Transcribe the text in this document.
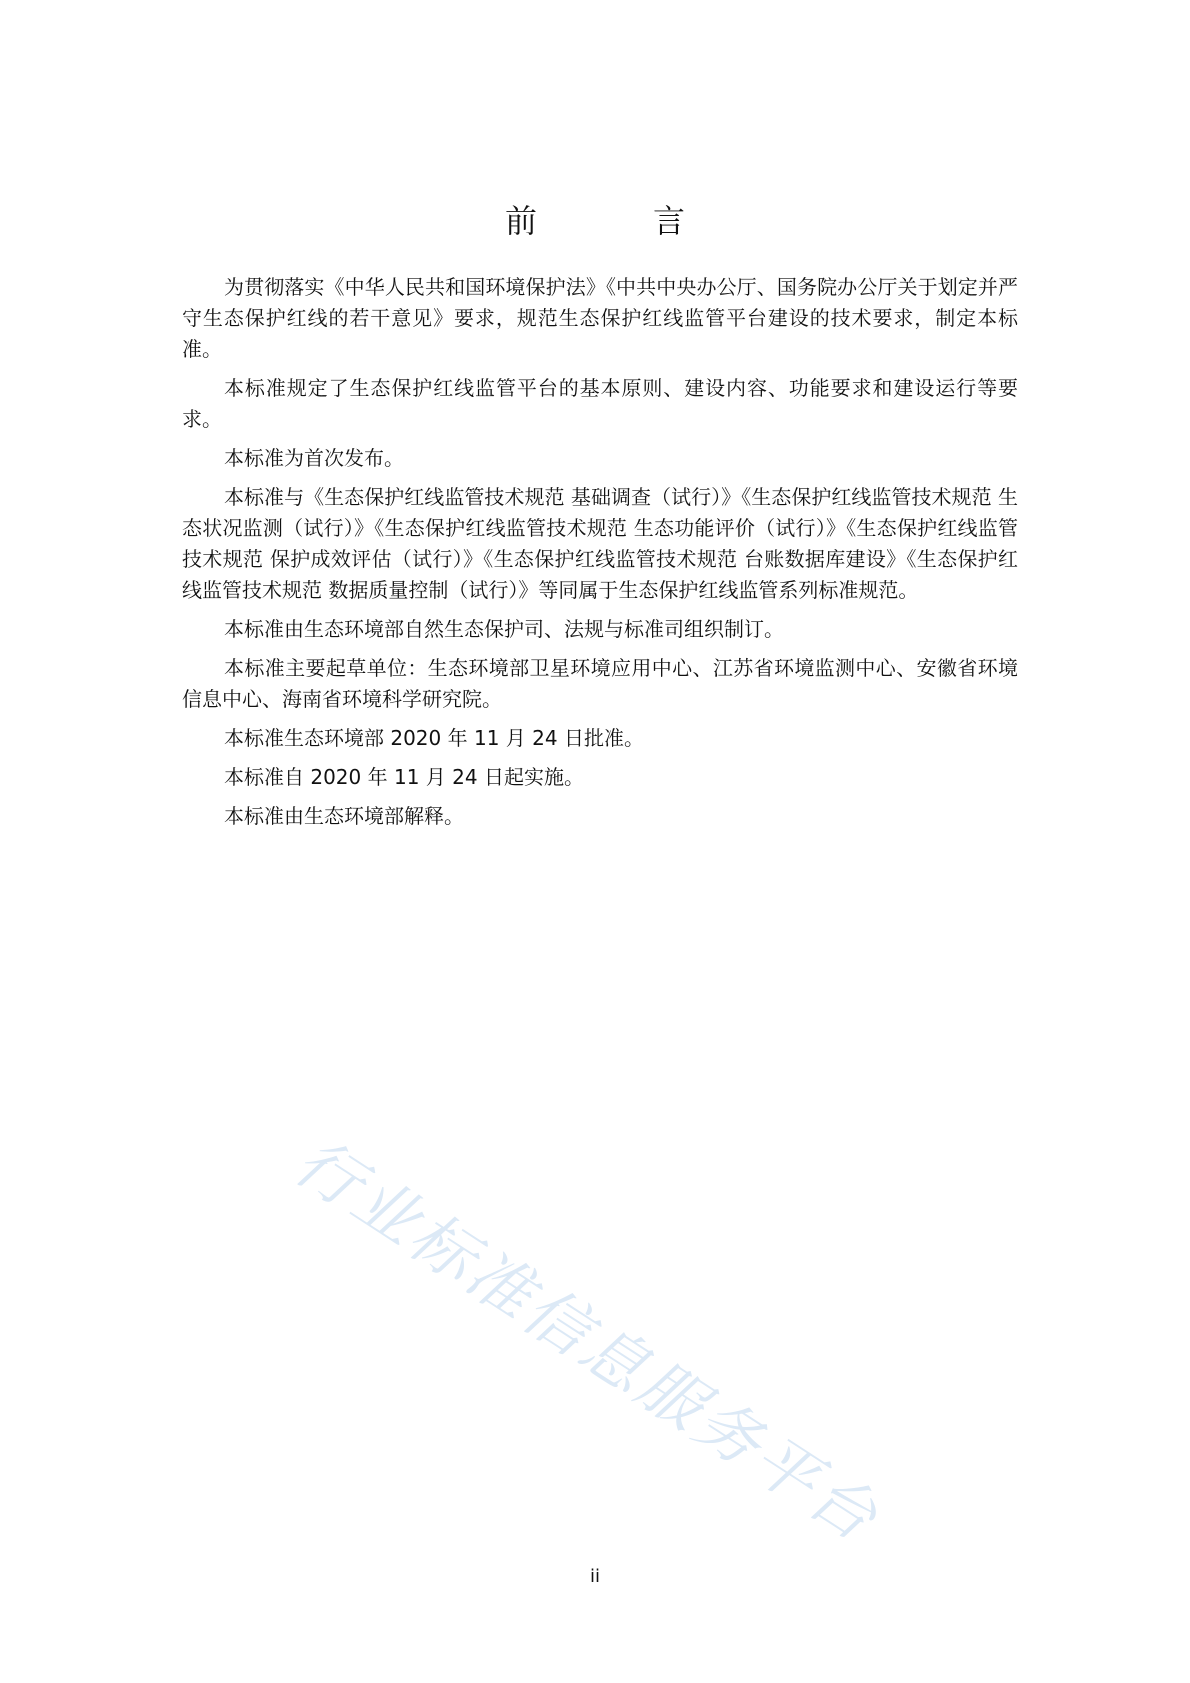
前　言

为贯彻落实《中华人民共和国环境保护法》《中共中央办公厅、国务院办公厅关于划定并严守生态保护红线的若干意见》要求，规范生态保护红线监管平台建设的技术要求，制定本标准。

本标准规定了生态保护红线监管平台的基本原则、建设内容、功能要求和建设运行等要求。

本标准为首次发布。

本标准与《生态保护红线监管技术规范 基础调查（试行）》《生态保护红线监管技术规范 生态状况监测（试行）》《生态保护红线监管技术规范 生态功能评价（试行）》《生态保护红线监管技术规范 保护成效评估（试行）》《生态保护红线监管技术规范 台账数据库建设》《生态保护红线监管技术规范 数据质量控制（试行）》等同属于生态保护红线监管系列标准规范。

本标准由生态环境部自然生态保护司、法规与标准司组织制订。

本标准主要起草单位：生态环境部卫星环境应用中心、江苏省环境监测中心、安徽省环境信息中心、海南省环境科学研究院。

本标准生态环境部 2020 年 11 月 24 日批准。

本标准自 2020 年 11 月 24 日起实施。

本标准由生态环境部解释。

行业标准信息服务平台
ii
